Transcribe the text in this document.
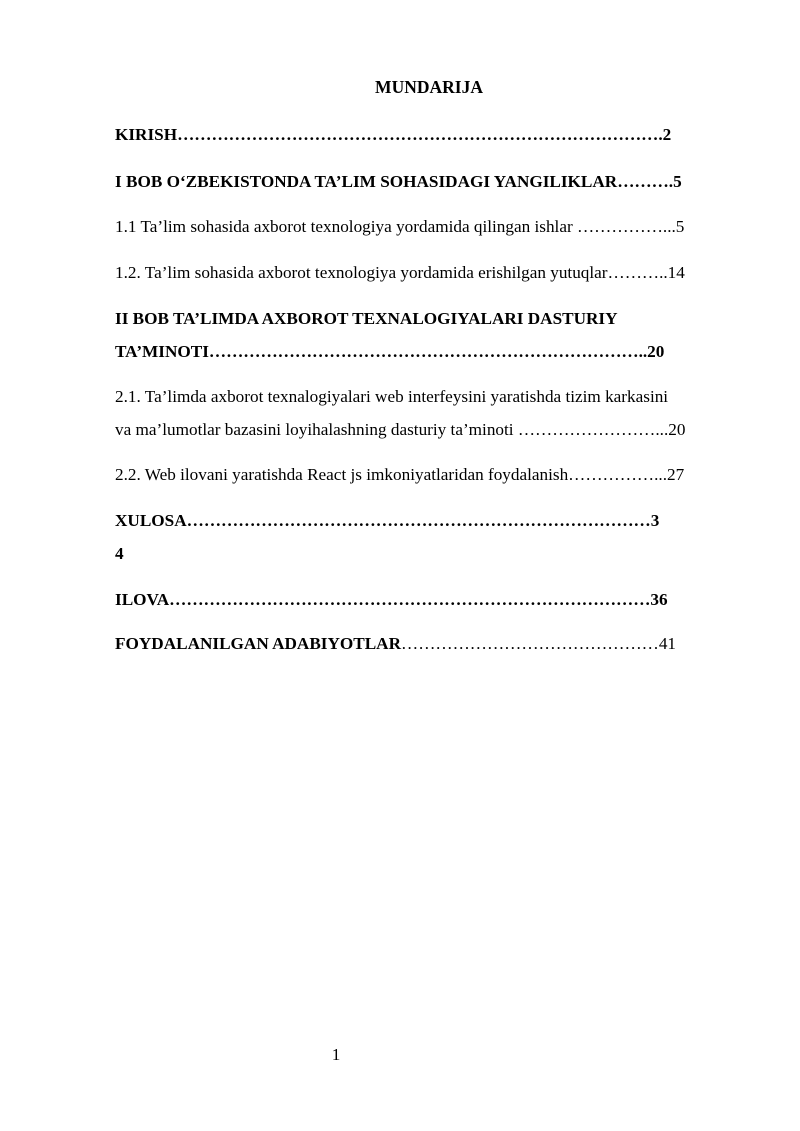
MUNDARIJA
KIRISH………………………………………………………………………….2
I BOB O‘ZBEKISTONDA TA’LIM SOHASIDAGI YANGILIKLAR……….5
1.1 Ta’lim sohasida axborot texnologiya yordamida qilingan ishlar ……………...5
1.2. Ta’lim sohasida axborot texnologiya yordamida erishilgan yutuqlar………..14
II BOB TA’LIMDA AXBOROT TEXNALOGIYALARI DASTURIY
TA’MINOTI…………………………………………………………………..20
2.1. Ta’limda axborot texnalogiyalari web interfeysini yaratishda tizim karkasini
va ma’lumotlar bazasini loyihalashning dasturiy ta’minoti ……………………...20
2.2. Web ilovani yaratishda React js imkoniyatlaridan foydalanish……………...27
XULOSA………………………………………………………………………3
4
ILOVA…………………………………………………………………………36
FOYDALANILGAN ADABIYOTLAR………………………………………41
1
